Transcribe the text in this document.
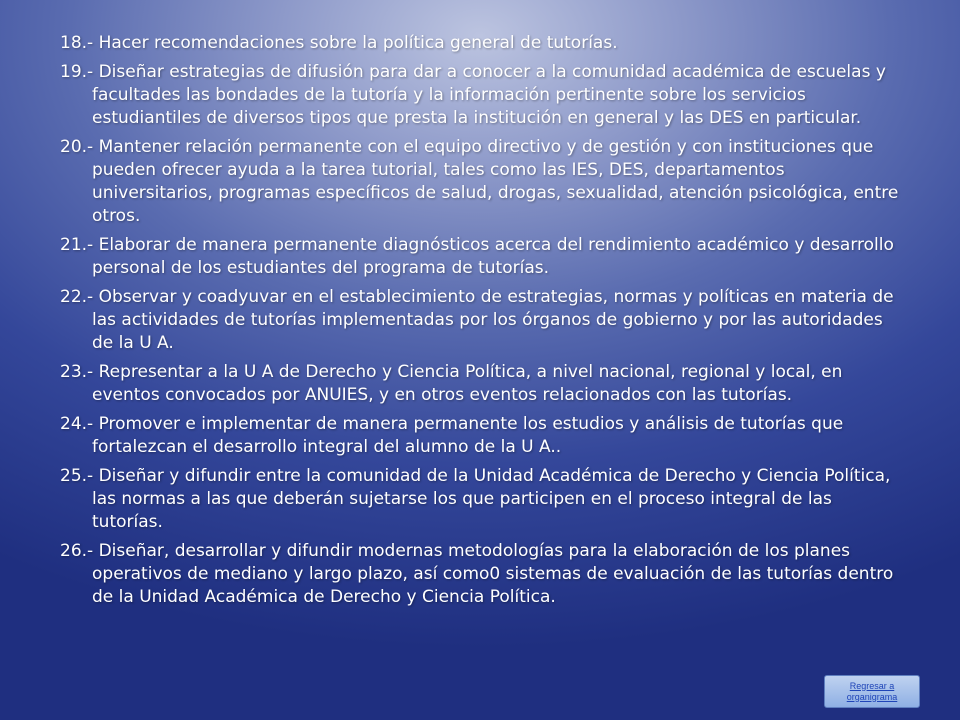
18.- Hacer recomendaciones sobre la política general de tutorías.
19.- Diseñar estrategias de difusión para dar a conocer a la comunidad académica de escuelas y facultades las bondades de la tutoría y la información pertinente sobre los servicios estudiantiles de diversos tipos que presta la institución en general y las DES en particular.
20.- Mantener relación permanente con el equipo directivo y de gestión y con instituciones que pueden ofrecer ayuda a la tarea tutorial, tales como las IES, DES, departamentos universitarios, programas específicos de salud, drogas, sexualidad, atención psicológica, entre otros.
21.- Elaborar de manera permanente diagnósticos acerca del rendimiento académico y desarrollo personal de los estudiantes del programa de tutorías.
22.- Observar y coadyuvar en el establecimiento de estrategias, normas y políticas en materia de las actividades de tutorías implementadas por los órganos de gobierno y por las autoridades de la U A.
23.- Representar a la U A de Derecho y Ciencia Política, a nivel nacional, regional y local, en eventos convocados por ANUIES, y en otros eventos relacionados con las tutorías.
24.- Promover e implementar de manera permanente los estudios y análisis de tutorías que fortalezcan el desarrollo integral del alumno de la U A..
25.- Diseñar y difundir entre la comunidad de la Unidad Académica de Derecho y Ciencia Política, las normas a las que deberán sujetarse los que participen en el proceso integral de las tutorías.
26.- Diseñar, desarrollar y difundir modernas metodologías para la elaboración de los planes operativos de mediano y largo plazo, así como0 sistemas de evaluación de las tutorías dentro de la Unidad Académica de Derecho y Ciencia Política.
Regresar a organigrama
